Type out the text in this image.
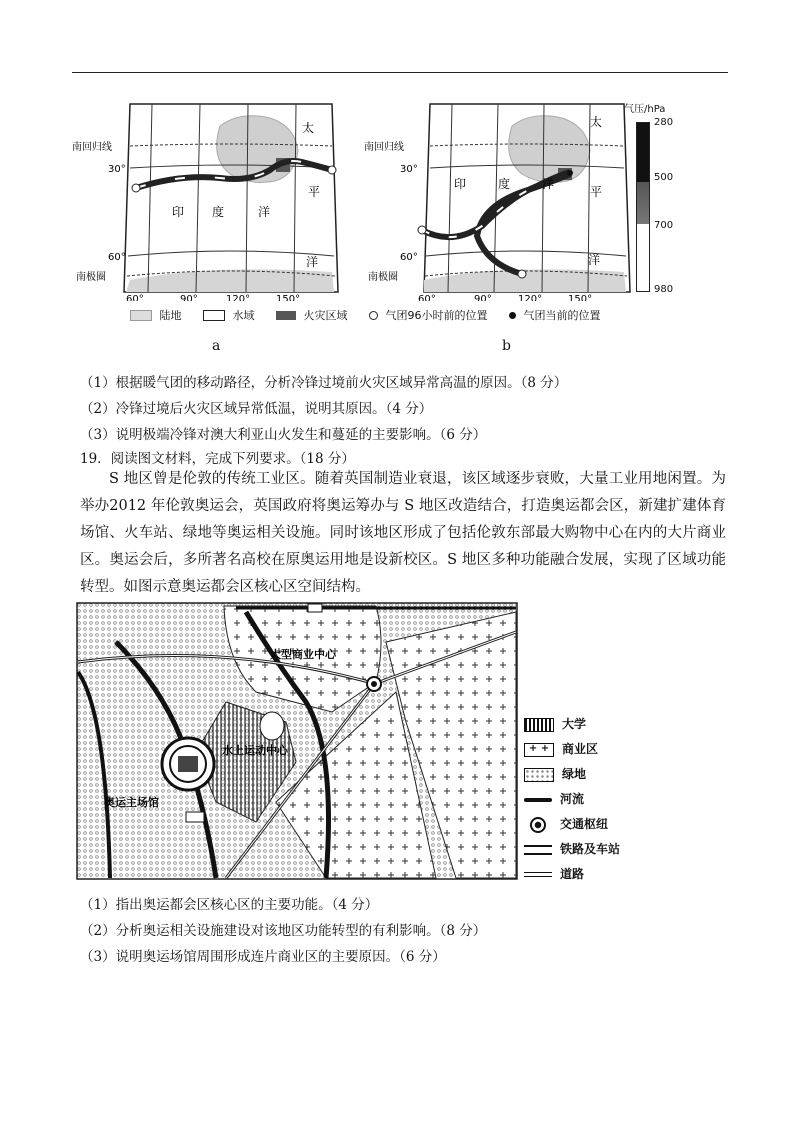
南回归线
30°
60°
南极圈
60°	90°	120°	150°
印 度	洋
太
平
洋
南回归线
30°
60°
南极圈
60°	90°	120°	150°
印	度	洋
太
平
洋
气压/hPa
280
500
700
980
陆地	水域	火灾区域	气团96小时前的位置	气团当前的位置
a	b
（1）根据暖气团的移动路径，分析冷锋过境前火灾区域异常高温的原因。（8 分）
（2）冷锋过境后火灾区域异常低温，说明其原因。（4 分）
（3）说明极端冷锋对澳大利亚山火发生和蔓延的主要影响。（6 分）
19．阅读图文材料，完成下列要求。（18 分）

S 地区曾是伦敦的传统工业区。随着英国制造业衰退，该区域逐步衰败，大量工业用地闲置。为举办2012 年伦敦奥运会，英国政府将奥运筹办与 S 地区改造结合，打造奥运都会区，新建扩建体育场馆、火车站、绿地等奥运相关设施。同时该地区形成了包括伦敦东部最大购物中心在内的大片商业区。奥运会后，多所著名高校在原奥运用地是设新校区。S 地区多种功能融合发展，实现了区域功能转型。如图示意奥运都会区核心区空间结构。

大型商业中心
水上运动中心
奥运主场馆
大学
+ + 商业区
绿地
河流
交通枢纽
铁路及车站
道路
（1）指出奥运都会区核心区的主要功能。（4 分）
（2）分析奥运相关设施建设对该地区功能转型的有利影响。（8 分）
（3）说明奥运场馆周围形成连片商业区的主要原因。（6 分）
